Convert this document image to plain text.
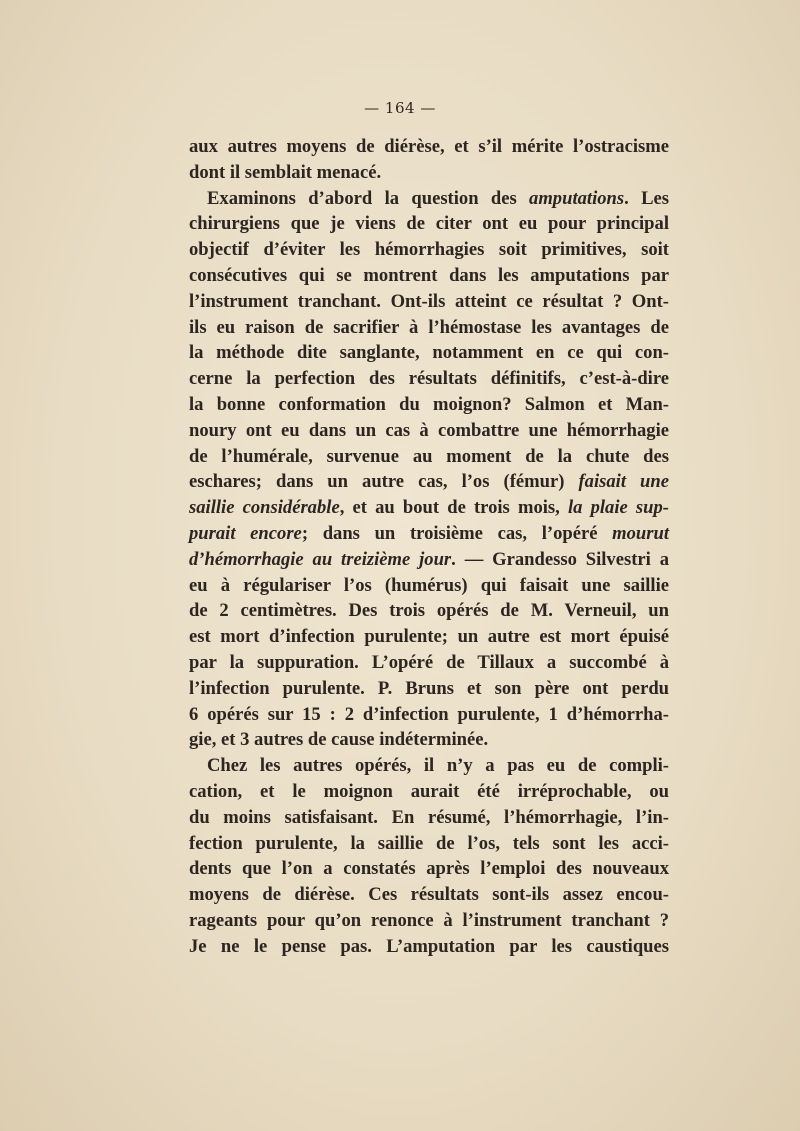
— 164 —
aux autres moyens de diérèse, et s’il mérite l’ostracisme
dont il semblait menacé.
Examinons d’abord la question des amputations. Les
chirurgiens que je viens de citer ont eu pour principal
objectif d’éviter les hémorrhagies soit primitives, soit
consécutives qui se montrent dans les amputations par
l’instrument tranchant. Ont-ils atteint ce résultat ? Ont-
ils eu raison de sacrifier à l’hémostase les avantages de
la méthode dite sanglante, notamment en ce qui con-
cerne la perfection des résultats définitifs, c’est-à-dire
la bonne conformation du moignon? Salmon et Man-
noury ont eu dans un cas à combattre une hémorrhagie
de l’humérale, survenue au moment de la chute des
eschares; dans un autre cas, l’os (fémur) faisait une
saillie considérable, et au bout de trois mois, la plaie sup-
purait encore; dans un troisième cas, l’opéré mourut
d’hémorrhagie au treizième jour. — Grandesso Silvestri a
eu à régulariser l’os (humérus) qui faisait une saillie
de 2 centimètres. Des trois opérés de M. Verneuil, un
est mort d’infection purulente; un autre est mort épuisé
par la suppuration. L’opéré de Tillaux a succombé à
l’infection purulente. P. Bruns et son père ont perdu
6 opérés sur 15 : 2 d’infection purulente, 1 d’hémorrha-
gie, et 3 autres de cause indéterminée.
Chez les autres opérés, il n’y a pas eu de compli-
cation, et le moignon aurait été irréprochable, ou
du moins satisfaisant. En résumé, l’hémorrhagie, l’in-
fection purulente, la saillie de l’os, tels sont les acci-
dents que l’on a constatés après l’emploi des nouveaux
moyens de diérèse. Ces résultats sont-ils assez encou-
rageants pour qu’on renonce à l’instrument tranchant ?
Je ne le pense pas. L’amputation par les caustiques
